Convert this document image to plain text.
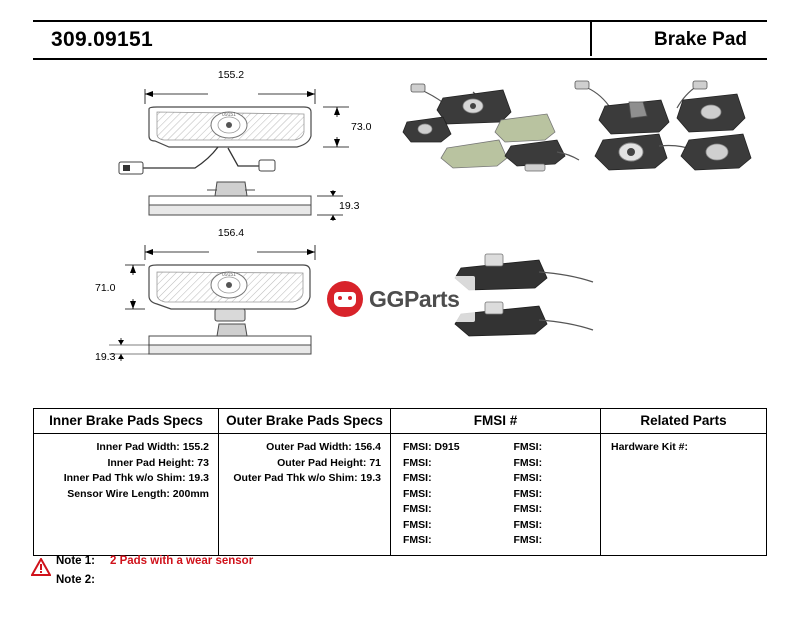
309.09151	Brake Pad
155.2
09151
73.0
19.3
156.4
09151
71.0
19.3
GGParts
Inner Brake Pads Specs
Inner Pad Width: 155.2
Inner Pad Height: 73
Inner Pad Thk w/o Shim: 19.3
Sensor Wire Length: 200mm

Outer Brake Pads Specs
Outer Pad Width: 156.4
Outer Pad Height: 71
Outer Pad Thk w/o Shim: 19.3

FMSI #
FMSI: D915
FMSI:
FMSI:
FMSI:
FMSI:
FMSI:
FMSI:
FMSI:
FMSI:
FMSI:
FMSI:
FMSI:
FMSI:
FMSI:
Related Parts
Hardware Kit #:
Note 1:	2 Pads with a wear sensor
Note 2:
